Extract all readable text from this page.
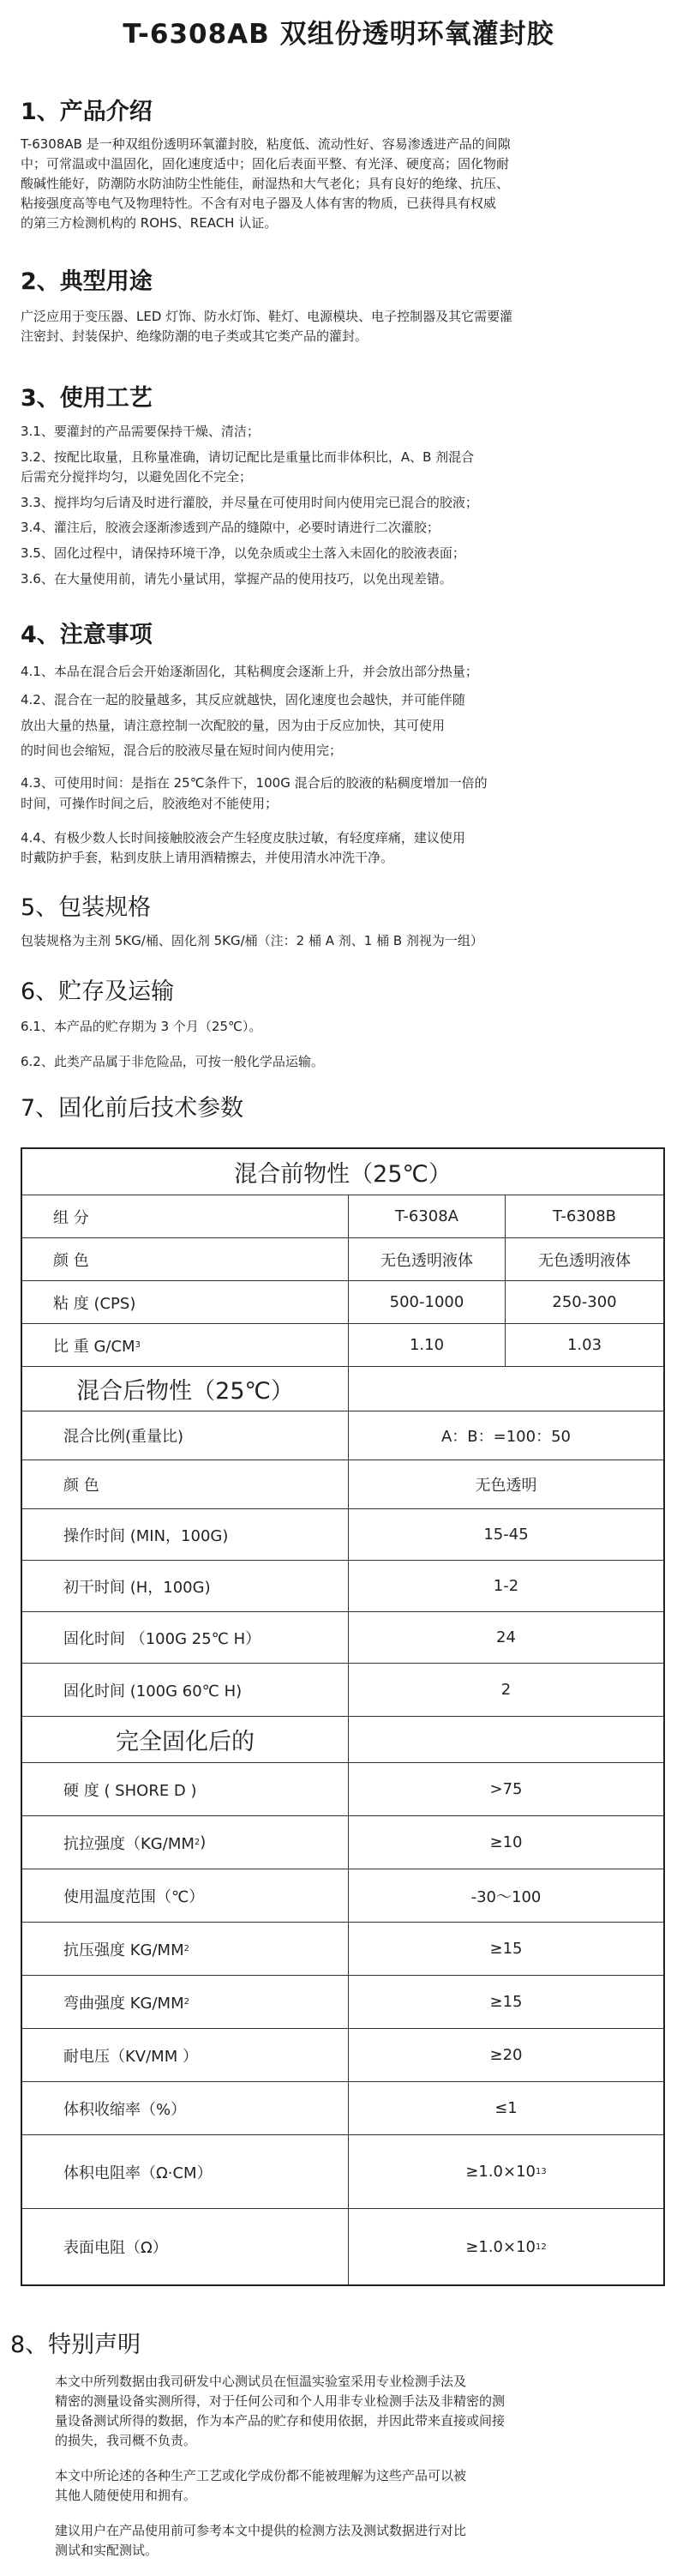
T-6308AB 双组份透明环氧灌封胶
1、产品介绍
T-6308AB 是一种双组份透明环氧灌封胶，粘度低、流动性好、容易渗透进产品的间隙
中；可常温或中温固化，固化速度适中；固化后表面平整、有光泽、硬度高；固化物耐
酸碱性能好，防潮防水防油防尘性能佳，耐湿热和大气老化；具有良好的绝缘、抗压、
粘接强度高等电气及物理特性。不含有对电子器及人体有害的物质，已获得具有权威
的第三方检测机构的 ROHS、REACH 认证。
2、典型用途
广泛应用于变压器、LED 灯饰、防水灯饰、鞋灯、电源模块、电子控制器及其它需要灌
注密封、封装保护、绝缘防潮的电子类或其它类产品的灌封。
3、使用工艺
3.1、要灌封的产品需要保持干燥、清洁；
3.2、按配比取量，且称量准确，请切记配比是重量比而非体积比，A、B 剂混合
后需充分搅拌均匀，以避免固化不完全；
3.3、搅拌均匀后请及时进行灌胶，并尽量在可使用时间内使用完已混合的胶液；
3.4、灌注后，胶液会逐渐渗透到产品的缝隙中，必要时请进行二次灌胶；
3.5、固化过程中，请保持环境干净，以免杂质或尘土落入未固化的胶液表面；
3.6、在大量使用前，请先小量试用，掌握产品的使用技巧，以免出现差错。
4、注意事项
4.1、本品在混合后会开始逐渐固化，其粘稠度会逐渐上升，并会放出部分热量；
4.2、混合在一起的胶量越多，其反应就越快，固化速度也会越快，并可能伴随
放出大量的热量，请注意控制一次配胶的量，因为由于反应加快，其可使用
的时间也会缩短，混合后的胶液尽量在短时间内使用完；
4.3、可使用时间：是指在 25℃条件下，100G 混合后的胶液的粘稠度增加一倍的
时间，可操作时间之后，胶液绝对不能使用；
4.4、有极少数人长时间接触胶液会产生轻度皮肤过敏，有轻度痒痛，建议使用
时戴防护手套，粘到皮肤上请用酒精擦去，并使用清水冲洗干净。
5、包装规格
包装规格为主剂 5KG/桶、固化剂 5KG/桶（注：2 桶 A 剂、1 桶 B 剂视为一组）
6、贮存及运输
6.1、本产品的贮存期为 3 个月（25℃）。
6.2、此类产品属于非危险品，可按一般化学品运输。
7、固化前后技术参数
混合前物性（25℃）
组 分	T-6308A	T-6308B
颜 色	无色透明液体	无色透明液体
粘 度 (CPS)	500-1000	250-300
比 重 G/CM 3	1.10	1.03
混合后物性（25℃）
混合比例(重量比)	A：B：=100：50
颜 色	无色透明
操作时间 (MIN，100G)	15-45
初干时间 (H，100G)	1-2
固化时间 （100G 25℃ H）	24
固化时间 (100G 60℃ H)	2
完全固化后的
硬 度 ( SHORE D )	>75
抗拉强度（KG/MM 2 )	≥10
使用温度范围（℃）	-30～100
抗压强度 KG/MM 2	≥15
弯曲强度 KG/MM 2	≥15
耐电压（KV/MM ）	≥20
体积收缩率（%）	≤1
体积电阻率（Ω·CM）	≥1.0×10 13
表面电阻（Ω）	≥1.0×10 12
8、特别声明
本文中所列数据由我司研发中心测试员在恒温实验室采用专业检测手法及
精密的测量设备实测所得，对于任何公司和个人用非专业检测手法及非精密的测
量设备测试所得的数据，作为本产品的贮存和使用依据，并因此带来直接或间接
的损失，我司概不负责。
本文中所论述的各种生产工艺或化学成份都不能被理解为这些产品可以被
其他人随便使用和拥有。
建议用户在产品使用前可参考本文中提供的检测方法及测试数据进行对比
测试和实配测试。
